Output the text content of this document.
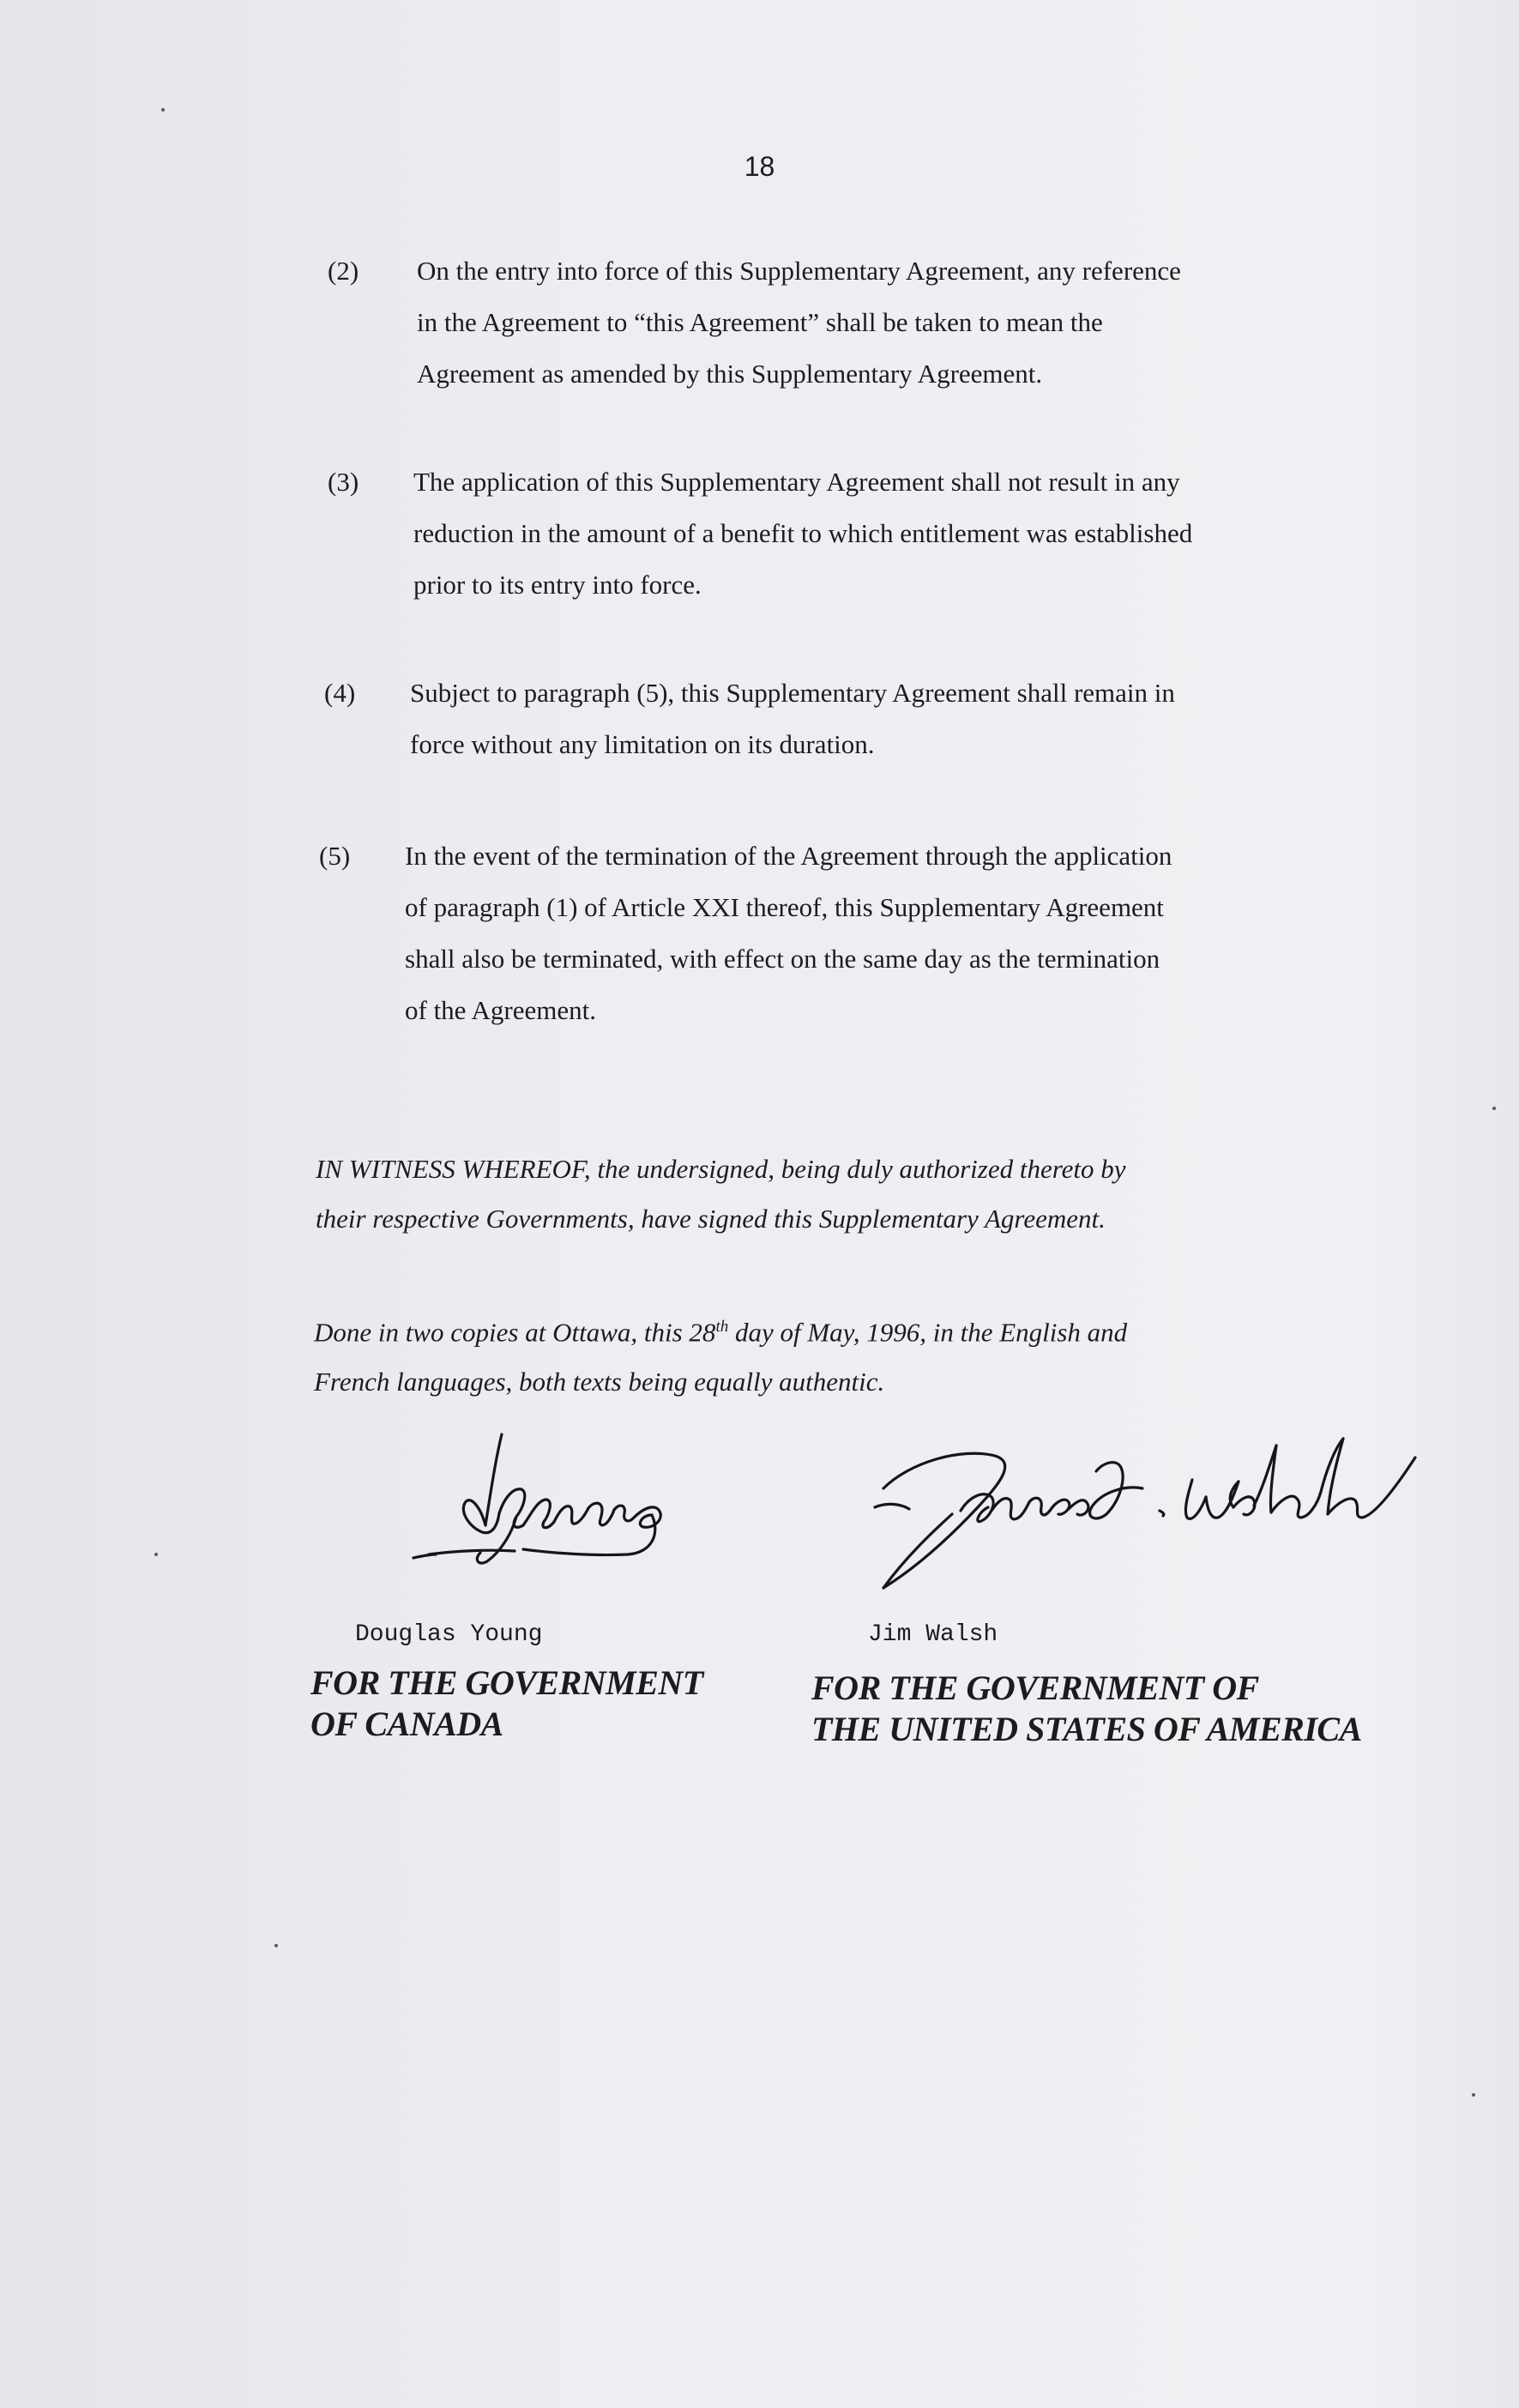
18
(2) On the entry into force of this Supplementary Agreement, any reference
in the Agreement to “this Agreement” shall be taken to mean the
Agreement as amended by this Supplementary Agreement.
(3) The application of this Supplementary Agreement shall not result in any
reduction in the amount of a benefit to which entitlement was established
prior to its entry into force.
(4) Subject to paragraph (5), this Supplementary Agreement shall remain in
force without any limitation on its duration.
(5) In the event of the termination of the Agreement through the application
of paragraph (1) of Article XXI thereof, this Supplementary Agreement
shall also be terminated, with effect on the same day as the termination
of the Agreement.
IN WITNESS WHEREOF, the undersigned, being duly authorized thereto by
their respective Governments, have signed this Supplementary Agreement.
Done in two copies at Ottawa, this 28th day of May, 1996, in the English and
French languages, both texts being equally authentic.
Douglas Young	Jim Walsh
FOR THE GOVERNMENT
OF CANADA
FOR THE GOVERNMENT OF
THE UNITED STATES OF AMERICA
